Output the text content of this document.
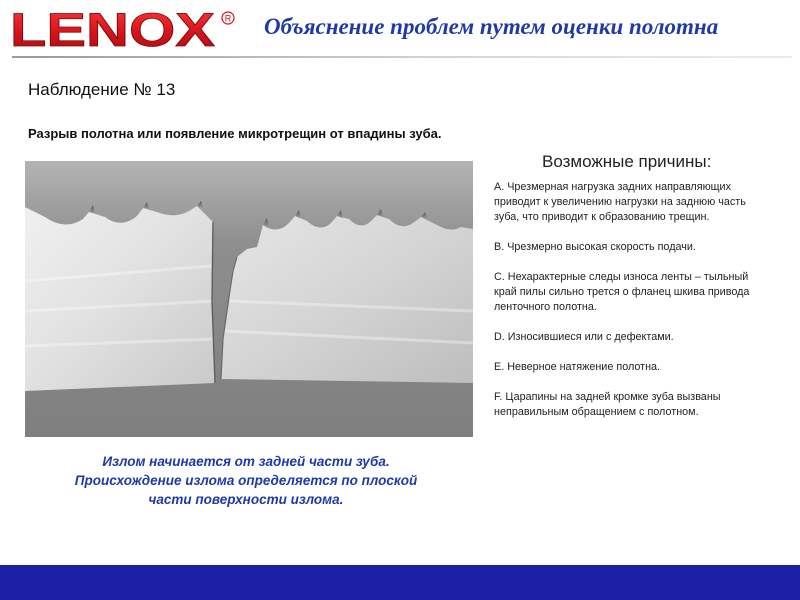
LENOX R Объяснение проблем путем оценки полотна
Наблюдение № 13
Разрыв полотна или появление микротрещин от впадины зуба.
Излом начинается от задней части зуба.
Происхождение излома определяется по плоской
части поверхности излома.
Возможные причины:
A. Чрезмерная нагрузка задних направляющих приводит к увеличению нагрузки на заднюю часть зуба, что приводит к образованию трещин.
B. Чрезмерно высокая скорость подачи.
C. Нехарактерные следы износа ленты – тыльный край пилы сильно трется о фланец шкива привода ленточного полотна.
D. Износившиеся или с дефектами.
E. Неверное натяжение полотна.
F. Царапины на задней кромке зуба вызваны неправильным обращением с полотном.
